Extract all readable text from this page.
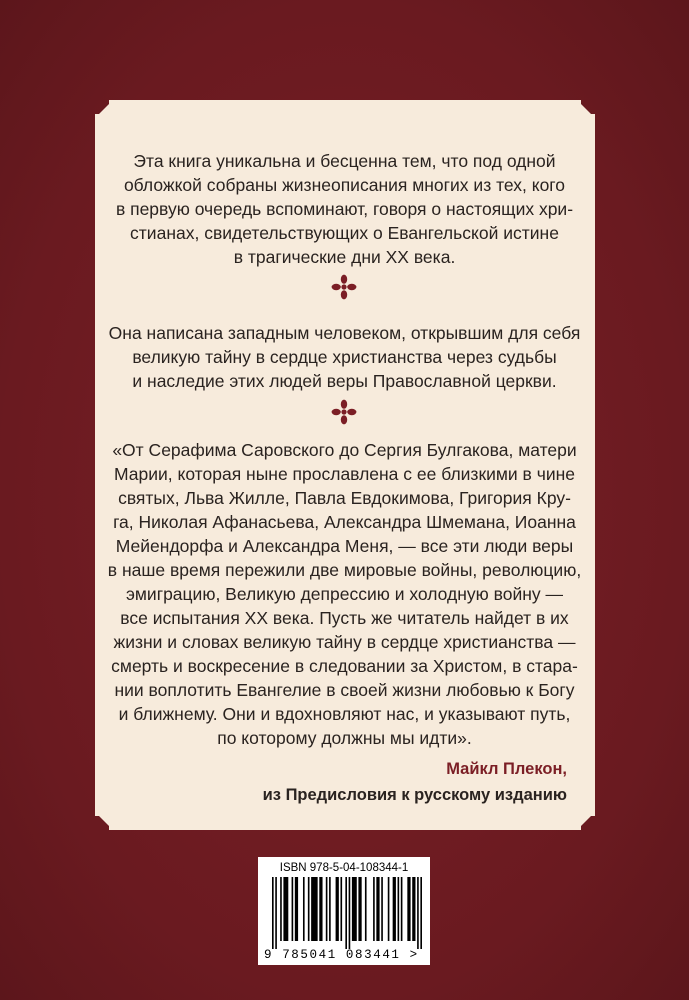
Эта книга уникальна и бесценна тем, что под одной
обложкой собраны жизнеописания многих из тех, кого
в первую очередь вспоминают, говоря о настоящих хри-
стианах, свидетельствующих о Евангельской истине
в трагические дни XX века.
Она написана западным человеком, открывшим для себя
великую тайну в сердце христианства через судьбы
и наследие этих людей веры Православной церкви.
«От Серафима Саровского до Сергия Булгакова, матери
Марии, которая ныне прославлена с ее близкими в чине
святых, Льва Жилле, Павла Евдокимова, Григория Кру-
га, Николая Афанасьева, Александра Шмемана, Иоанна
Мейендорфа и Александра Меня, — все эти люди веры
в наше время пережили две мировые войны, революцию,
эмиграцию, Великую депрессию и холодную войну —
все испытания XX века. Пусть же читатель найдет в их
жизни и словах великую тайну в сердце христианства —
смерть и воскресение в следовании за Христом, в стара-
нии воплотить Евангелие в своей жизни любовью к Богу
и ближнему. Они и вдохновляют нас, и указывают путь,
по которому должны мы идти».

Майкл Плекон,

из Предисловия к русскому изданию

ISBN 978-5-04-108344-1
9 785041 083441 >
